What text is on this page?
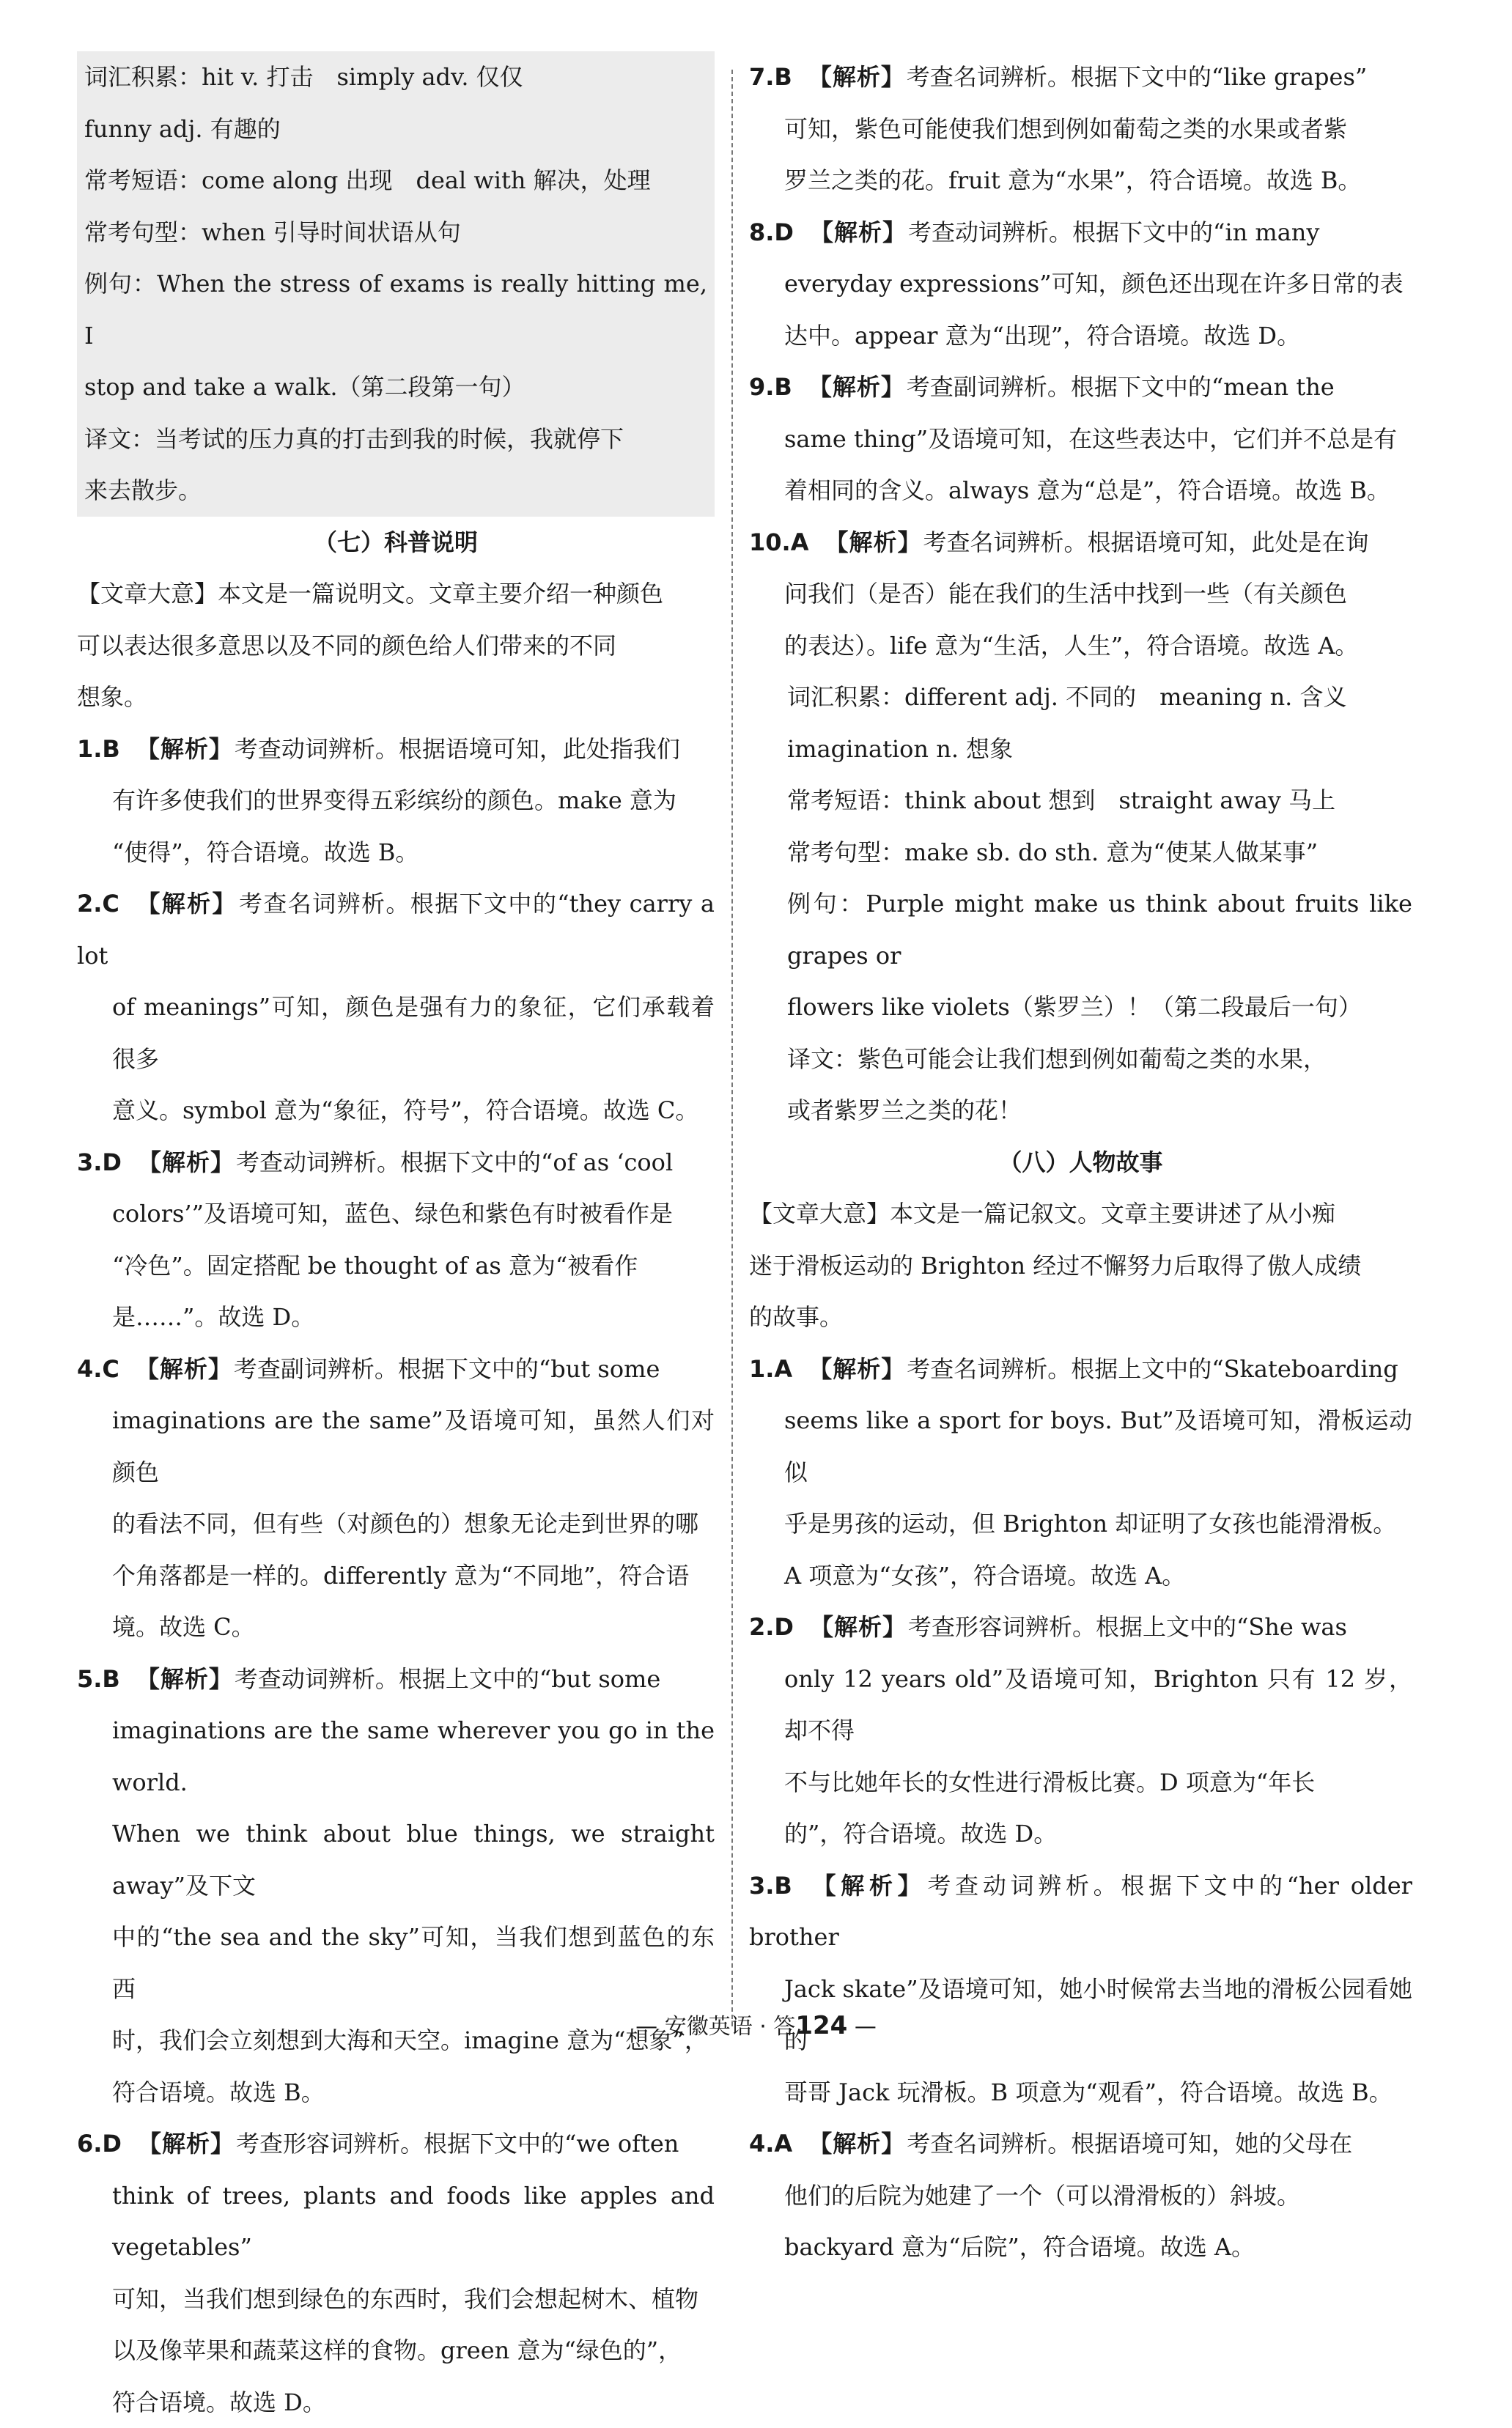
词汇积累：hit v. 打击　simply adv. 仅仅

funny adj. 有趣的

常考短语：come along 出现　deal with 解决，处理

常考句型：when 引导时间状语从句

例句：When the stress of exams is really hitting me, I

stop and take a walk.（第二段第一句）

译文：当考试的压力真的打击到我的时候，我就停下

来去散步。

（七）科普说明

【文章大意】本文是一篇说明文。文章主要介绍一种颜色

可以表达很多意思以及不同的颜色给人们带来的不同

想象。

1.B 【解析】考查动词辨析。根据语境可知，此处指我们

有许多使我们的世界变得五彩缤纷的颜色。make 意为

“使得”，符合语境。故选 B。

2.C 【解析】考查名词辨析。根据下文中的“they carry a lot

of meanings”可知，颜色是强有力的象征，它们承载着很多

意义。symbol 意为“象征，符号”，符合语境。故选 C。

3.D 【解析】考查动词辨析。根据下文中的“of as ‘cool

colors’”及语境可知，蓝色、绿色和紫色有时被看作是

“冷色”。固定搭配 be thought of as 意为“被看作

是……”。故选 D。

4.C 【解析】考查副词辨析。根据下文中的“but some

imaginations are the same”及语境可知，虽然人们对颜色

的看法不同，但有些（对颜色的）想象无论走到世界的哪

个角落都是一样的。differently 意为“不同地”，符合语

境。故选 C。

5.B 【解析】考查动词辨析。根据上文中的“but some

imaginations are the same wherever you go in the world.

When we think about blue things, we straight away”及下文

中的“the sea and the sky”可知，当我们想到蓝色的东西

时，我们会立刻想到大海和天空。imagine 意为“想象”，

符合语境。故选 B。

6.D 【解析】考查形容词辨析。根据下文中的“we often

think of trees, plants and foods like apples and vegetables”

可知，当我们想到绿色的东西时，我们会想起树木、植物

以及像苹果和蔬菜这样的食物。green 意为“绿色的”，

符合语境。故选 D。

7.B 【解析】考查名词辨析。根据下文中的“like grapes”

可知，紫色可能使我们想到例如葡萄之类的水果或者紫

罗兰之类的花。fruit 意为“水果”，符合语境。故选 B。

8.D 【解析】考查动词辨析。根据下文中的“in many

everyday expressions”可知，颜色还出现在许多日常的表

达中。appear 意为“出现”，符合语境。故选 D。

9.B 【解析】考查副词辨析。根据下文中的“mean the

same thing”及语境可知，在这些表达中，它们并不总是有

着相同的含义。always 意为“总是”，符合语境。故选 B。

10.A 【解析】考查名词辨析。根据语境可知，此处是在询

问我们（是否）能在我们的生活中找到一些（有关颜色

的表达）。life 意为“生活，人生”，符合语境。故选 A。

词汇积累：different adj. 不同的　meaning n. 含义

imagination n. 想象

常考短语：think about 想到　straight away 马上

常考句型：make sb. do sth. 意为“使某人做某事”

例句：Purple might make us think about fruits like grapes or

flowers like violets（紫罗兰）！（第二段最后一句）

译文：紫色可能会让我们想到例如葡萄之类的水果，

或者紫罗兰之类的花！

（八）人物故事

【文章大意】本文是一篇记叙文。文章主要讲述了从小痴

迷于滑板运动的 Brighton 经过不懈努力后取得了傲人成绩

的故事。

1.A 【解析】考查名词辨析。根据上文中的“Skateboarding

seems like a sport for boys. But”及语境可知，滑板运动似

乎是男孩的运动，但 Brighton 却证明了女孩也能滑滑板。

A 项意为“女孩”，符合语境。故选 A。

2.D 【解析】考查形容词辨析。根据上文中的“She was

only 12 years old”及语境可知，Brighton 只有 12 岁，却不得

不与比她年长的女性进行滑板比赛。D 项意为“年长

的”，符合语境。故选 D。

3.B 【解析】考查动词辨析。根据下文中的“her older brother

Jack skate”及语境可知，她小时候常去当地的滑板公园看她的

哥哥 Jack 玩滑板。B 项意为“观看”，符合语境。故选 B。

4.A 【解析】考查名词辨析。根据语境可知，她的父母在

他们的后院为她建了一个（可以滑滑板的）斜坡。

backyard 意为“后院”，符合语境。故选 A。

— 安徽英语 · 答124 —
